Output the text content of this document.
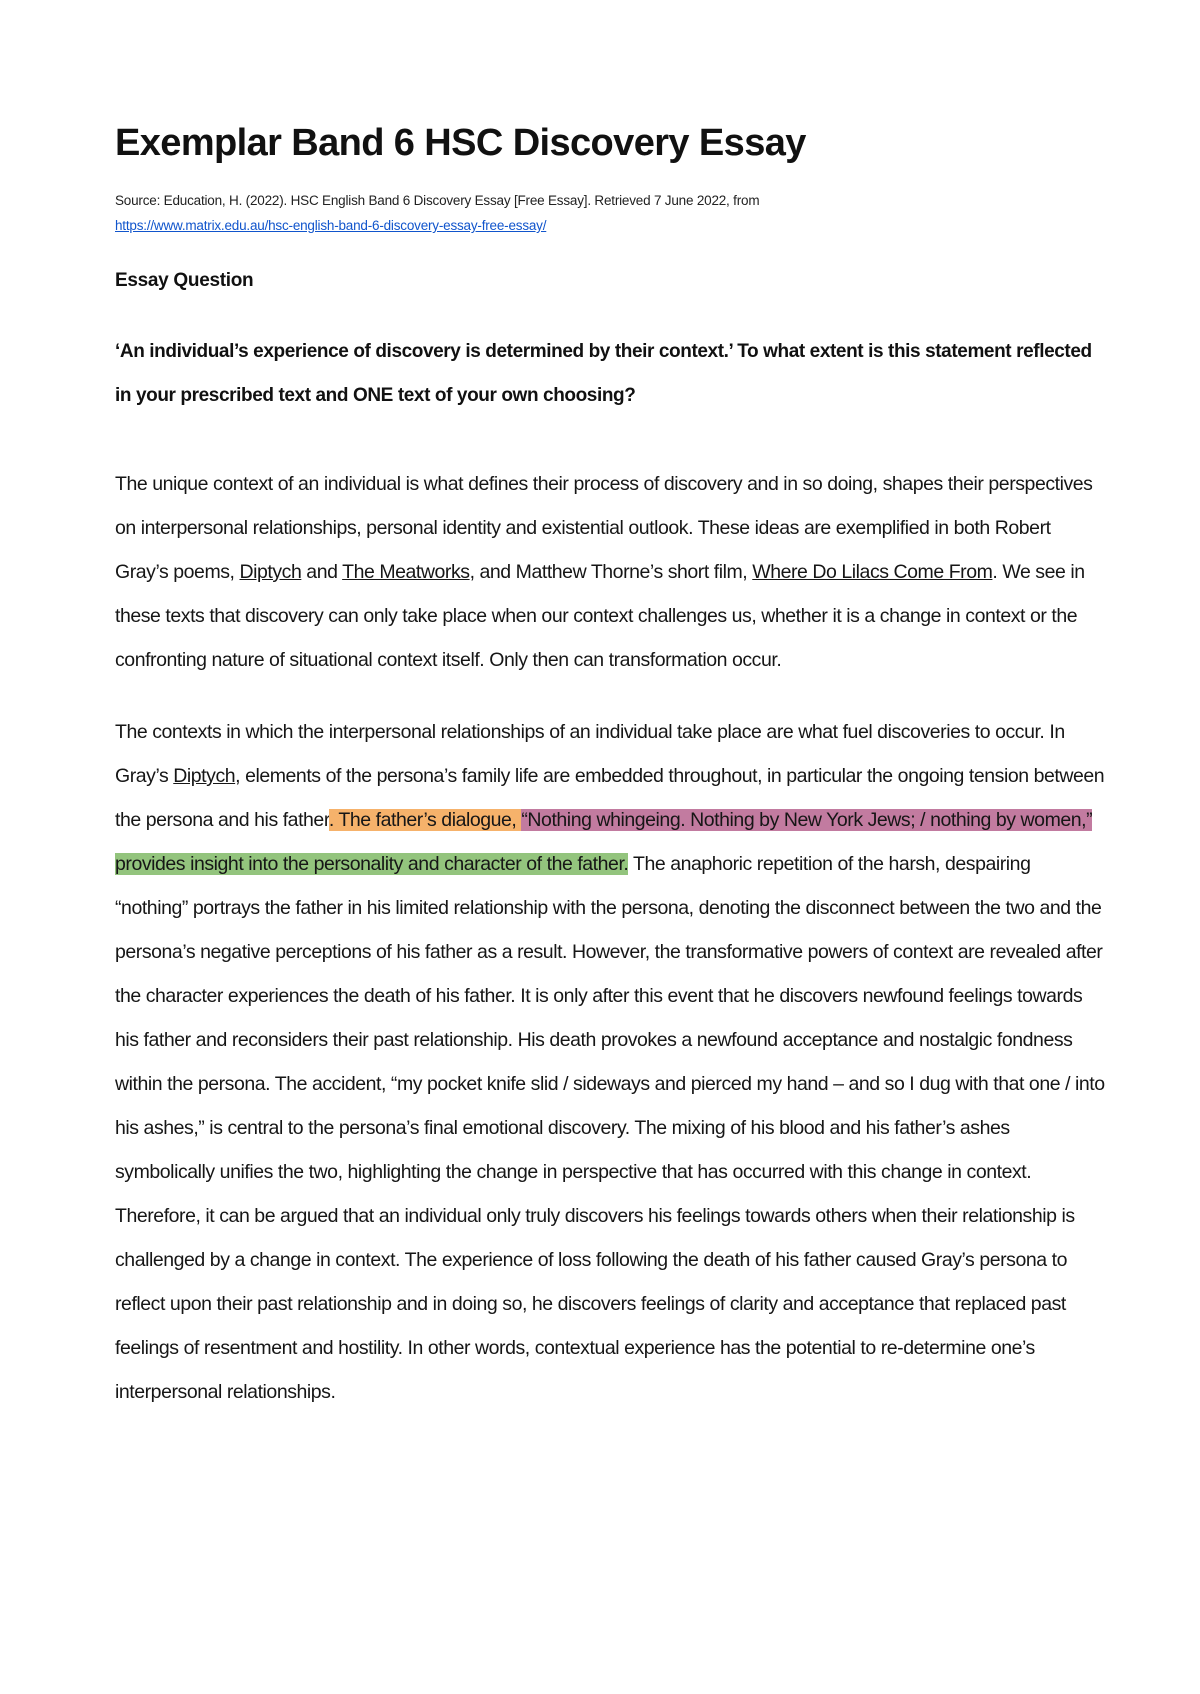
Exemplar Band 6 HSC Discovery Essay
Source: Education, H. (2022). HSC English Band 6 Discovery Essay [Free Essay]. Retrieved 7 June 2022, from
https://www.matrix.edu.au/hsc-english-band-6-discovery-essay-free-essay/
Essay Question
‘An individual’s experience of discovery is determined by their context.’ To what extent is this statement reflected in your prescribed text and ONE text of your own choosing?

The unique context of an individual is what defines their process of discovery and in so doing, shapes their perspectives on interpersonal relationships, personal identity and existential outlook. These ideas are exemplified in both Robert Gray’s poems, Diptych and The Meatworks, and Matthew Thorne’s short film, Where Do Lilacs Come From. We see in these texts that discovery can only take place when our context challenges us, whether it is a change in context or the confronting nature of situational context itself. Only then can transformation occur.

The contexts in which the interpersonal relationships of an individual take place are what fuel discoveries to occur. In Gray’s Diptych, elements of the persona’s family life are embedded throughout, in particular the ongoing tension between the persona and his father. The father’s dialogue, “Nothing whingeing. Nothing by New York Jews; / nothing by women,” provides insight into the personality and character of the father. The anaphoric repetition of the harsh, despairing “nothing” portrays the father in his limited relationship with the persona, denoting the disconnect between the two and the persona’s negative perceptions of his father as a result. However, the transformative powers of context are revealed after the character experiences the death of his father. It is only after this event that he discovers newfound feelings towards his father and reconsiders their past relationship. His death provokes a newfound acceptance and nostalgic fondness within the persona. The accident, “my pocket knife slid / sideways and pierced my hand – and so I dug with that one / into his ashes,” is central to the persona’s final emotional discovery. The mixing of his blood and his father’s ashes symbolically unifies the two, highlighting the change in perspective that has occurred with this change in context. Therefore, it can be argued that an individual only truly discovers his feelings towards others when their relationship is challenged by a change in context. The experience of loss following the death of his father caused Gray’s persona to reflect upon their past relationship and in doing so, he discovers feelings of clarity and acceptance that replaced past feelings of resentment and hostility. In other words, contextual experience has the potential to re-determine one’s interpersonal relationships.
